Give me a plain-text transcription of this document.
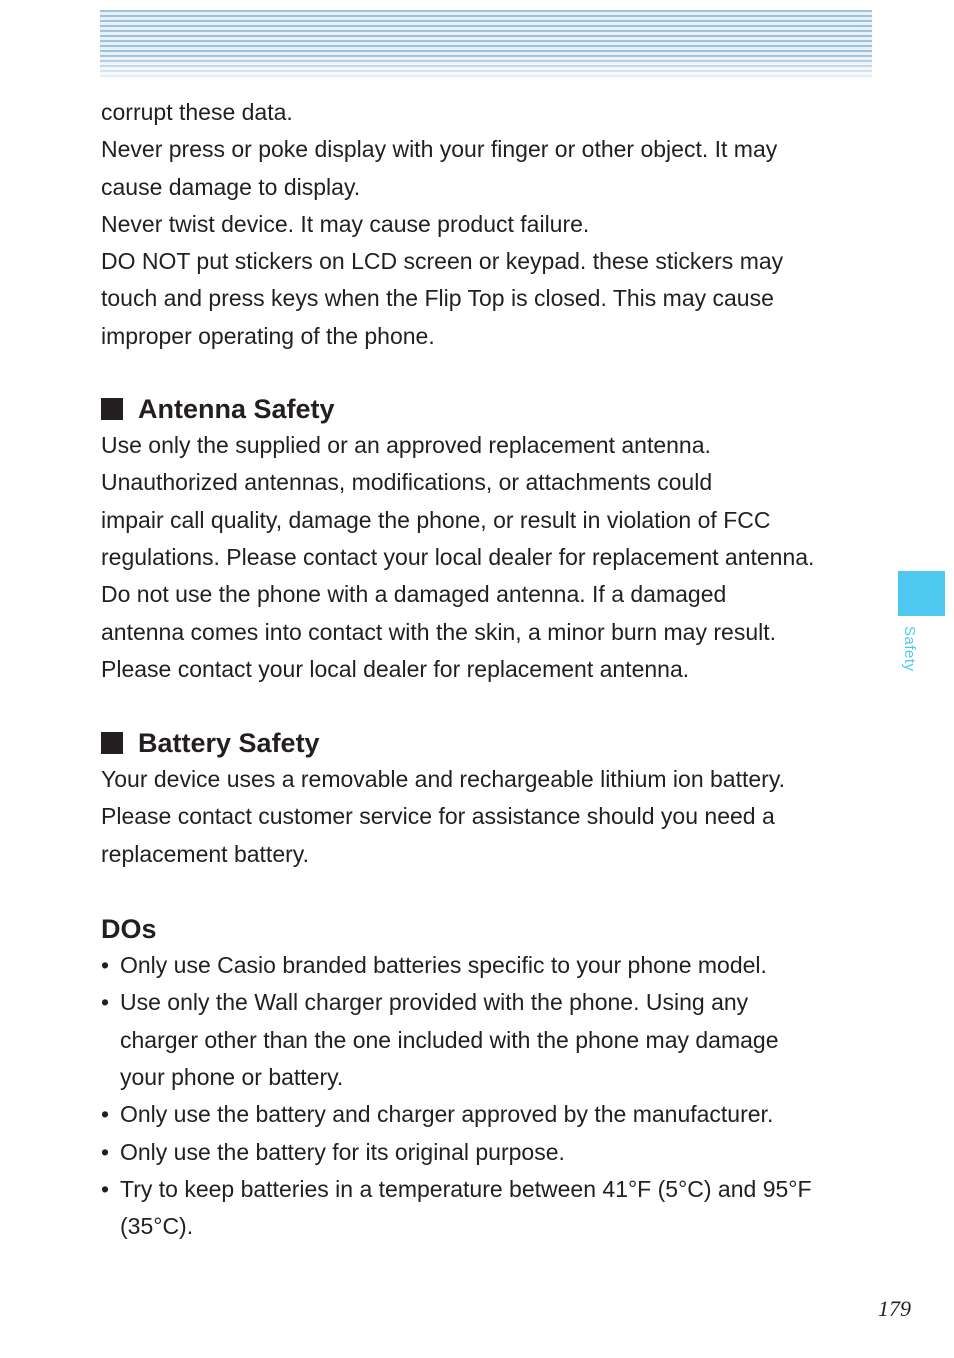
corrupt these data.

Never press or poke display with your finger or other object. It may

cause damage to display.

Never twist device. It may cause product failure.

DO NOT put stickers on LCD screen or keypad. these stickers may

touch and press keys when the Flip Top is closed. This may cause

improper operating of the phone.

Antenna Safety

Use only the supplied or an approved replacement antenna.

Unauthorized antennas, modifications, or attachments could

impair call quality, damage the phone, or result in violation of FCC

regulations. Please contact your local dealer for replacement antenna.

Do not use the phone with a damaged antenna. If a damaged

antenna comes into contact with the skin, a minor burn may result.

Please contact your local dealer for replacement antenna.

Battery Safety

Your device uses a removable and rechargeable lithium ion battery.

Please contact customer service for assistance should you need a

replacement battery.

DOs
• Only use Casio branded batteries specific to your phone model.
• Use only the Wall charger provided with the phone. Using any
charger other than the one included with the phone may damage
your phone or battery.
• Only use the battery and charger approved by the manufacturer.
• Only use the battery for its original purpose.
• Try to keep batteries in a temperature between 41°F (5°C) and 95°F
(35°C).
Safety
179
